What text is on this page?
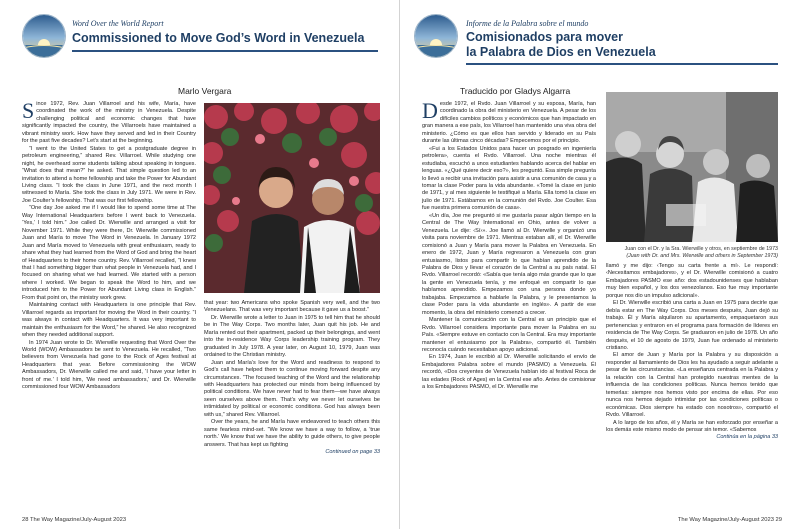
Word Over the World Report
Commissioned to Move God’s Word in Venezuela
Marlo Vergara

Since 1972, Rev. Juan Villarroel and his wife, María, have coordinated the work of the ministry in Venezuela. Despite challenging political and economic changes that have significantly impacted the country, the Villarroels have maintained a vibrant ministry work. How have they served and led in their Country for the past five decades? Let’s start at the beginning.

“I went to the United States to get a postgraduate degree in petroleum engineering,” shared Rev. Villarroel. While studying one night, he overheard some students talking about speaking in tongues. “What does that mean?” he asked. That simple question led to an invitation to attend a home fellowship and take the Power for Abundant Living class. “I took the class in June 1971, and the next month I witnessed to María. She took the class in July 1971. We were in Rev. Joe Coulter’s fellowship. That was our first fellowship.

“One day Joe asked me if I would like to spend some time at The Way International Headquarters before I went back to Venezuela. ‘Yes,’ I told him.” Joe called Dr. Wierwille and arranged a visit for November 1971. While they were there, Dr. Wierwille commissioned Juan and María to move The Word in Venezuela. In January 1972 Juan and María moved to Venezuela with great enthusiasm, ready to share what they had learned from the Word of God and bring the heart of Headquarters to their home country. Rev. Villarroel recalled, “I knew that I had something bigger than what people in Venezuela had, and I focused on sharing what we had learned. We started with a person where I worked. We began to speak the Word to him, and we introduced him to the Power for Abundant Living class in English.” From that point on, the ministry work grew.

Maintaining contact with Headquarters is one principle that Rev. Villarroel regards as important for moving the Word in their country. “I was always in contact with Headquarters. It was very important to maintain the enthusiasm for the Word,” he shared. He also recognized when they needed additional support.

In 1974 Juan wrote to Dr. Wierwille requesting that Word Over the World (WOW) Ambassadors be sent to Venezuela. He recalled, “Two believers from Venezuela had gone to the Rock of Ages festival at Headquarters that year. Before commissioning the WOW Ambassadors, Dr. Wierwille called me and said, ‘I have your letter in front of me.’ I told him, ‘We need ambassadors,’ and Dr. Wierwille commissioned four WOW Ambassadors

that year: two Americans who spoke Spanish very well, and the two Venezuelans. That was very important because it gave us a boost.”

Dr. Wierwille wrote a letter to Juan in 1975 to tell him that he should be in The Way Corps. Two months later, Juan quit his job. He and María rented out their apartment, packed up their belongings, and went into the in-residence Way Corps leadership training program. They graduated in July 1978. A year later, on August 10, 1979, Juan was ordained to the Christian ministry.

Juan and María’s love for the Word and readiness to respond to God’s call have helped them to continue moving forward despite any circumstances. “The focused teaching of the Word and the relationship with Headquarters has protected our minds from being influenced by political conditions. We have never had to fear them—we have always seen ourselves above them. That’s why we never let ourselves be intimidated by political or economic conditions. God has always been with us,” shared Rev. Villarroel.

Over the years, he and María have endeavored to teach others this same fearless mind-set. “We know we have a way to follow, a ‘true north.’ We know that we have the ability to guide others, to give people answers. That has kept us fighting

Continued on page 33

28 The Way Magazine/July-August 2023
Informe de la Palabra sobre el mundo
Comisionados para mover
la Palabra de Dios en Venezuela
Traducido por Gladys Algarra

Desde 1972, el Rvdo. Juan Villarroel y su esposa, María, han coordinado la obra del ministerio en Venezuela. A pesar de los difíciles cambios políticos y económicos que han impactado en gran manera a ese país, los Villarroel han mantenido una viva obra del ministerio. ¿Cómo es que ellos han servido y liderado en su País durante las últimas cinco décadas? Empecemos por el principio.

«Fui a los Estados Unidos para hacer un posgrado en ingeniería petrolera», cuenta el Rvdo. Villarroel. Una noche mientras él estudiaba, escuchó a unos estudiantes hablando acerca del hablar en lenguas. «¿Qué quiere decir eso?», les preguntó. Esa simple pregunta lo llevó a recibir una invitación para asistir a una comunión de casa y a tomar la clase Poder para la vida abundante. «Tomé la clase en junio de 1971, y al mes siguiente le testifiqué a María. Ella tomó la clase en julio de 1971. Estábamos en la comunión del Rvdo. Joe Coulter. Esa fue nuestra primera comunión de casa».

«Un día, Joe me preguntó si me gustaría pasar algún tiempo en la Central de The Way International en Ohio, antes de volver a Venezuela. Le dije: ‹Sí›». Joe llamó al Dr. Wierwille y organizó una visita para noviembre de 1971. Mientras estaban allí, el Dr. Wierwille comisionó a Juan y María para mover la Palabra en Venezuela. En enero de 1972, Juan y María regresaron a Venezuela con gran entusiasmo, listos para compartir lo que habían aprendido de la Palabra de Dios y llevar el corazón de la Central a su país natal. El Rvdo. Villarroel recordó: «Sabía que tenía algo más grande que lo que la gente en Venezuela tenía, y me enfoqué en compartir lo que habíamos aprendido. Empezamos con una persona donde yo trabajaba. Empezamos a hablarle la Palabra, y le presentamos la clase Poder para la vida abundante en inglés». A partir de ese momento, la obra del ministerio comenzó a crecer.

Mantener la comunicación con la Central es un principio que el Rvdo. Villarroel considera importante para mover la Palabra en su País. «Siempre estuve en contacto con la Central. Era muy importante mantener el entusiasmo por la Palabra», compartió él. También reconocía cuándo necesitaban apoyo adicional.

En 1974, Juan le escribió al Dr. Wierwille solicitando el envío de Embajadores Palabra sobre el mundo (PASMO) a Venezuela. Él recordó, «Dos creyentes de Venezuela habían ido al festival Roca de las edades (Rock of Ages) en la Central ese año. Antes de comisionar a los Embajadores PASMO, el Dr. Wierwille me

Juan con el Dr. y la Sra. Wierwille y otros, en septiembre de 1973
(Juan with Dr. and Mrs. Wierwille and others in September 1973)

llamó y me dijo: ‹Tengo su carta frente a mí›. Le respondí: ‹Necesitamos embajadores›, y el Dr. Wierwille comisionó a cuatro Embajadores PASMO ese año: dos estadounidenses que hablaban muy bien español, y los dos venezolanos. Eso fue muy importante porque nos dio un impulso adicional».

El Dr. Wierwille escribió una carta a Juan en 1975 para decirle que debía estar en The Way Corps. Dos meses después, Juan dejó su trabajo. Él y María alquilaron su apartamento, empaquetaron sus pertenencias y entraron en el programa para formación de líderes en residencia de The Way Corps. Se graduaron en julio de 1978. Un año después, el 10 de agosto de 1979, Juan fue ordenado al ministerio cristiano.

El amor de Juan y María por la Palabra y su disposición a responder al llamamiento de Dios les ha ayudado a seguir adelante a pesar de las circunstancias. «La enseñanza centrada en la Palabra y la relación con la Central han protegido nuestras mentes de la influencia de las condiciones políticas. Nunca hemos tenido que temerlas: siempre nos hemos visto por encima de ellas. Por eso nunca nos hemos dejado intimidar por las condiciones políticas o económicas. Dios siempre ha estado con nosotros», compartió el Rvdo. Villarroel.

A lo largo de los años, él y María se han esforzado por enseñar a los demás este mismo modo de pensar sin temor. «Sabemos

Continúa en la página 33

The Way Magazine/July-August 2023 29
